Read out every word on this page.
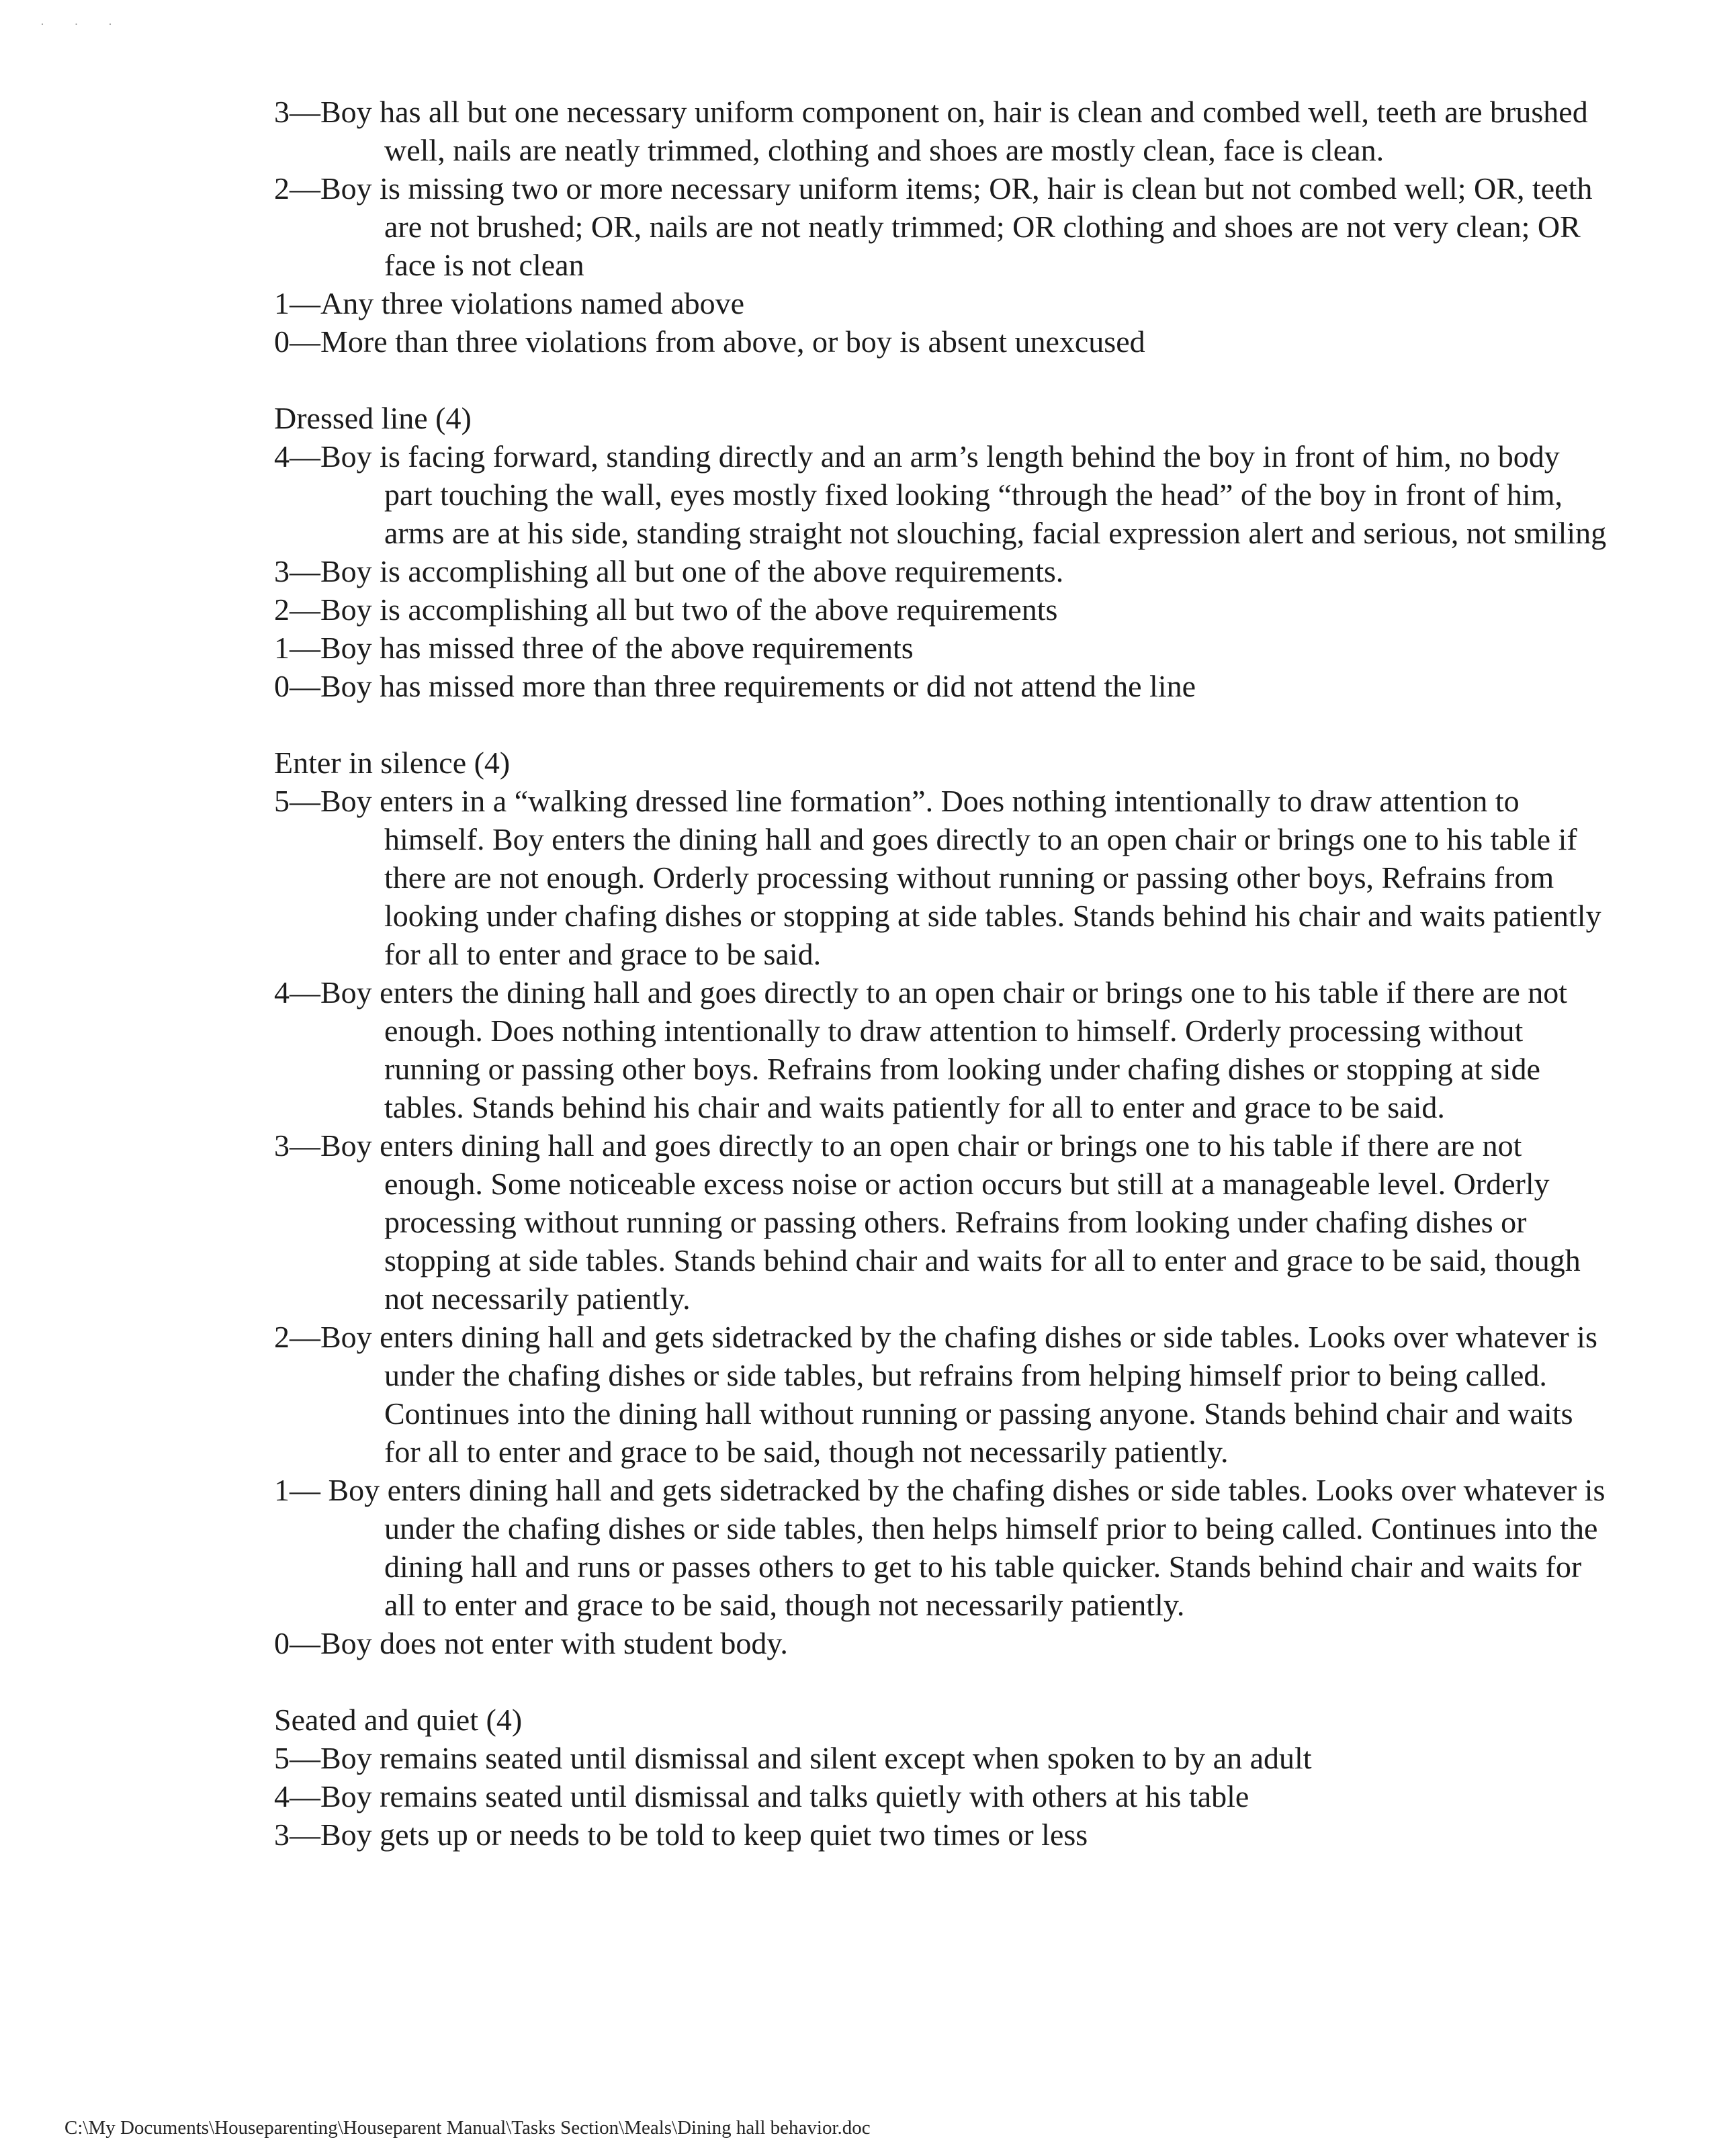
· · ·

3—Boy has all but one necessary uniform component on, hair is clean and combed well, teeth are brushed well, nails are neatly trimmed, clothing and shoes are mostly clean, face is clean.

2—Boy is missing two or more necessary uniform items; OR, hair is clean but not combed well; OR, teeth are not brushed; OR, nails are not neatly trimmed; OR clothing and shoes are not very clean; OR face is not clean

1—Any three violations named above

0—More than three violations from above, or boy is absent unexcused

Dressed line (4)

4—Boy is facing forward, standing directly and an arm’s length behind the boy in front of him, no body part touching the wall, eyes mostly fixed looking “through the head” of the boy in front of him, arms are at his side, standing straight not slouching, facial expression alert and serious, not smiling

3—Boy is accomplishing all but one of the above requirements.

2—Boy is accomplishing all but two of the above requirements

1—Boy has missed three of the above requirements

0—Boy has missed more than three requirements or did not attend the line

Enter in silence (4)

5—Boy enters in a “walking dressed line formation”. Does nothing intentionally to draw attention to himself. Boy enters the dining hall and goes directly to an open chair or brings one to his table if there are not enough. Orderly processing without running or passing other boys, Refrains from looking under chafing dishes or stopping at side tables. Stands behind his chair and waits patiently for all to enter and grace to be said.

4—Boy enters the dining hall and goes directly to an open chair or brings one to his table if there are not enough. Does nothing intentionally to draw attention to himself. Orderly processing without running or passing other boys. Refrains from looking under chafing dishes or stopping at side tables. Stands behind his chair and waits patiently for all to enter and grace to be said.

3—Boy enters dining hall and goes directly to an open chair or brings one to his table if there are not enough. Some noticeable excess noise or action occurs but still at a manageable level. Orderly processing without running or passing others. Refrains from looking under chafing dishes or stopping at side tables. Stands behind chair and waits for all to enter and grace to be said, though not necessarily patiently.

2—Boy enters dining hall and gets sidetracked by the chafing dishes or side tables. Looks over whatever is under the chafing dishes or side tables, but refrains from helping himself prior to being called. Continues into the dining hall without running or passing anyone. Stands behind chair and waits for all to enter and grace to be said, though not necessarily patiently.

1— Boy enters dining hall and gets sidetracked by the chafing dishes or side tables. Looks over whatever is under the chafing dishes or side tables, then helps himself prior to being called. Continues into the dining hall and runs or passes others to get to his table quicker. Stands behind chair and waits for all to enter and grace to be said, though not necessarily patiently.

0—Boy does not enter with student body.

Seated and quiet (4)

5—Boy remains seated until dismissal and silent except when spoken to by an adult

4—Boy remains seated until dismissal and talks quietly with others at his table

3—Boy gets up or needs to be told to keep quiet two times or less

C:\My Documents\Houseparenting\Houseparent Manual\Tasks Section\Meals\Dining hall behavior.doc
